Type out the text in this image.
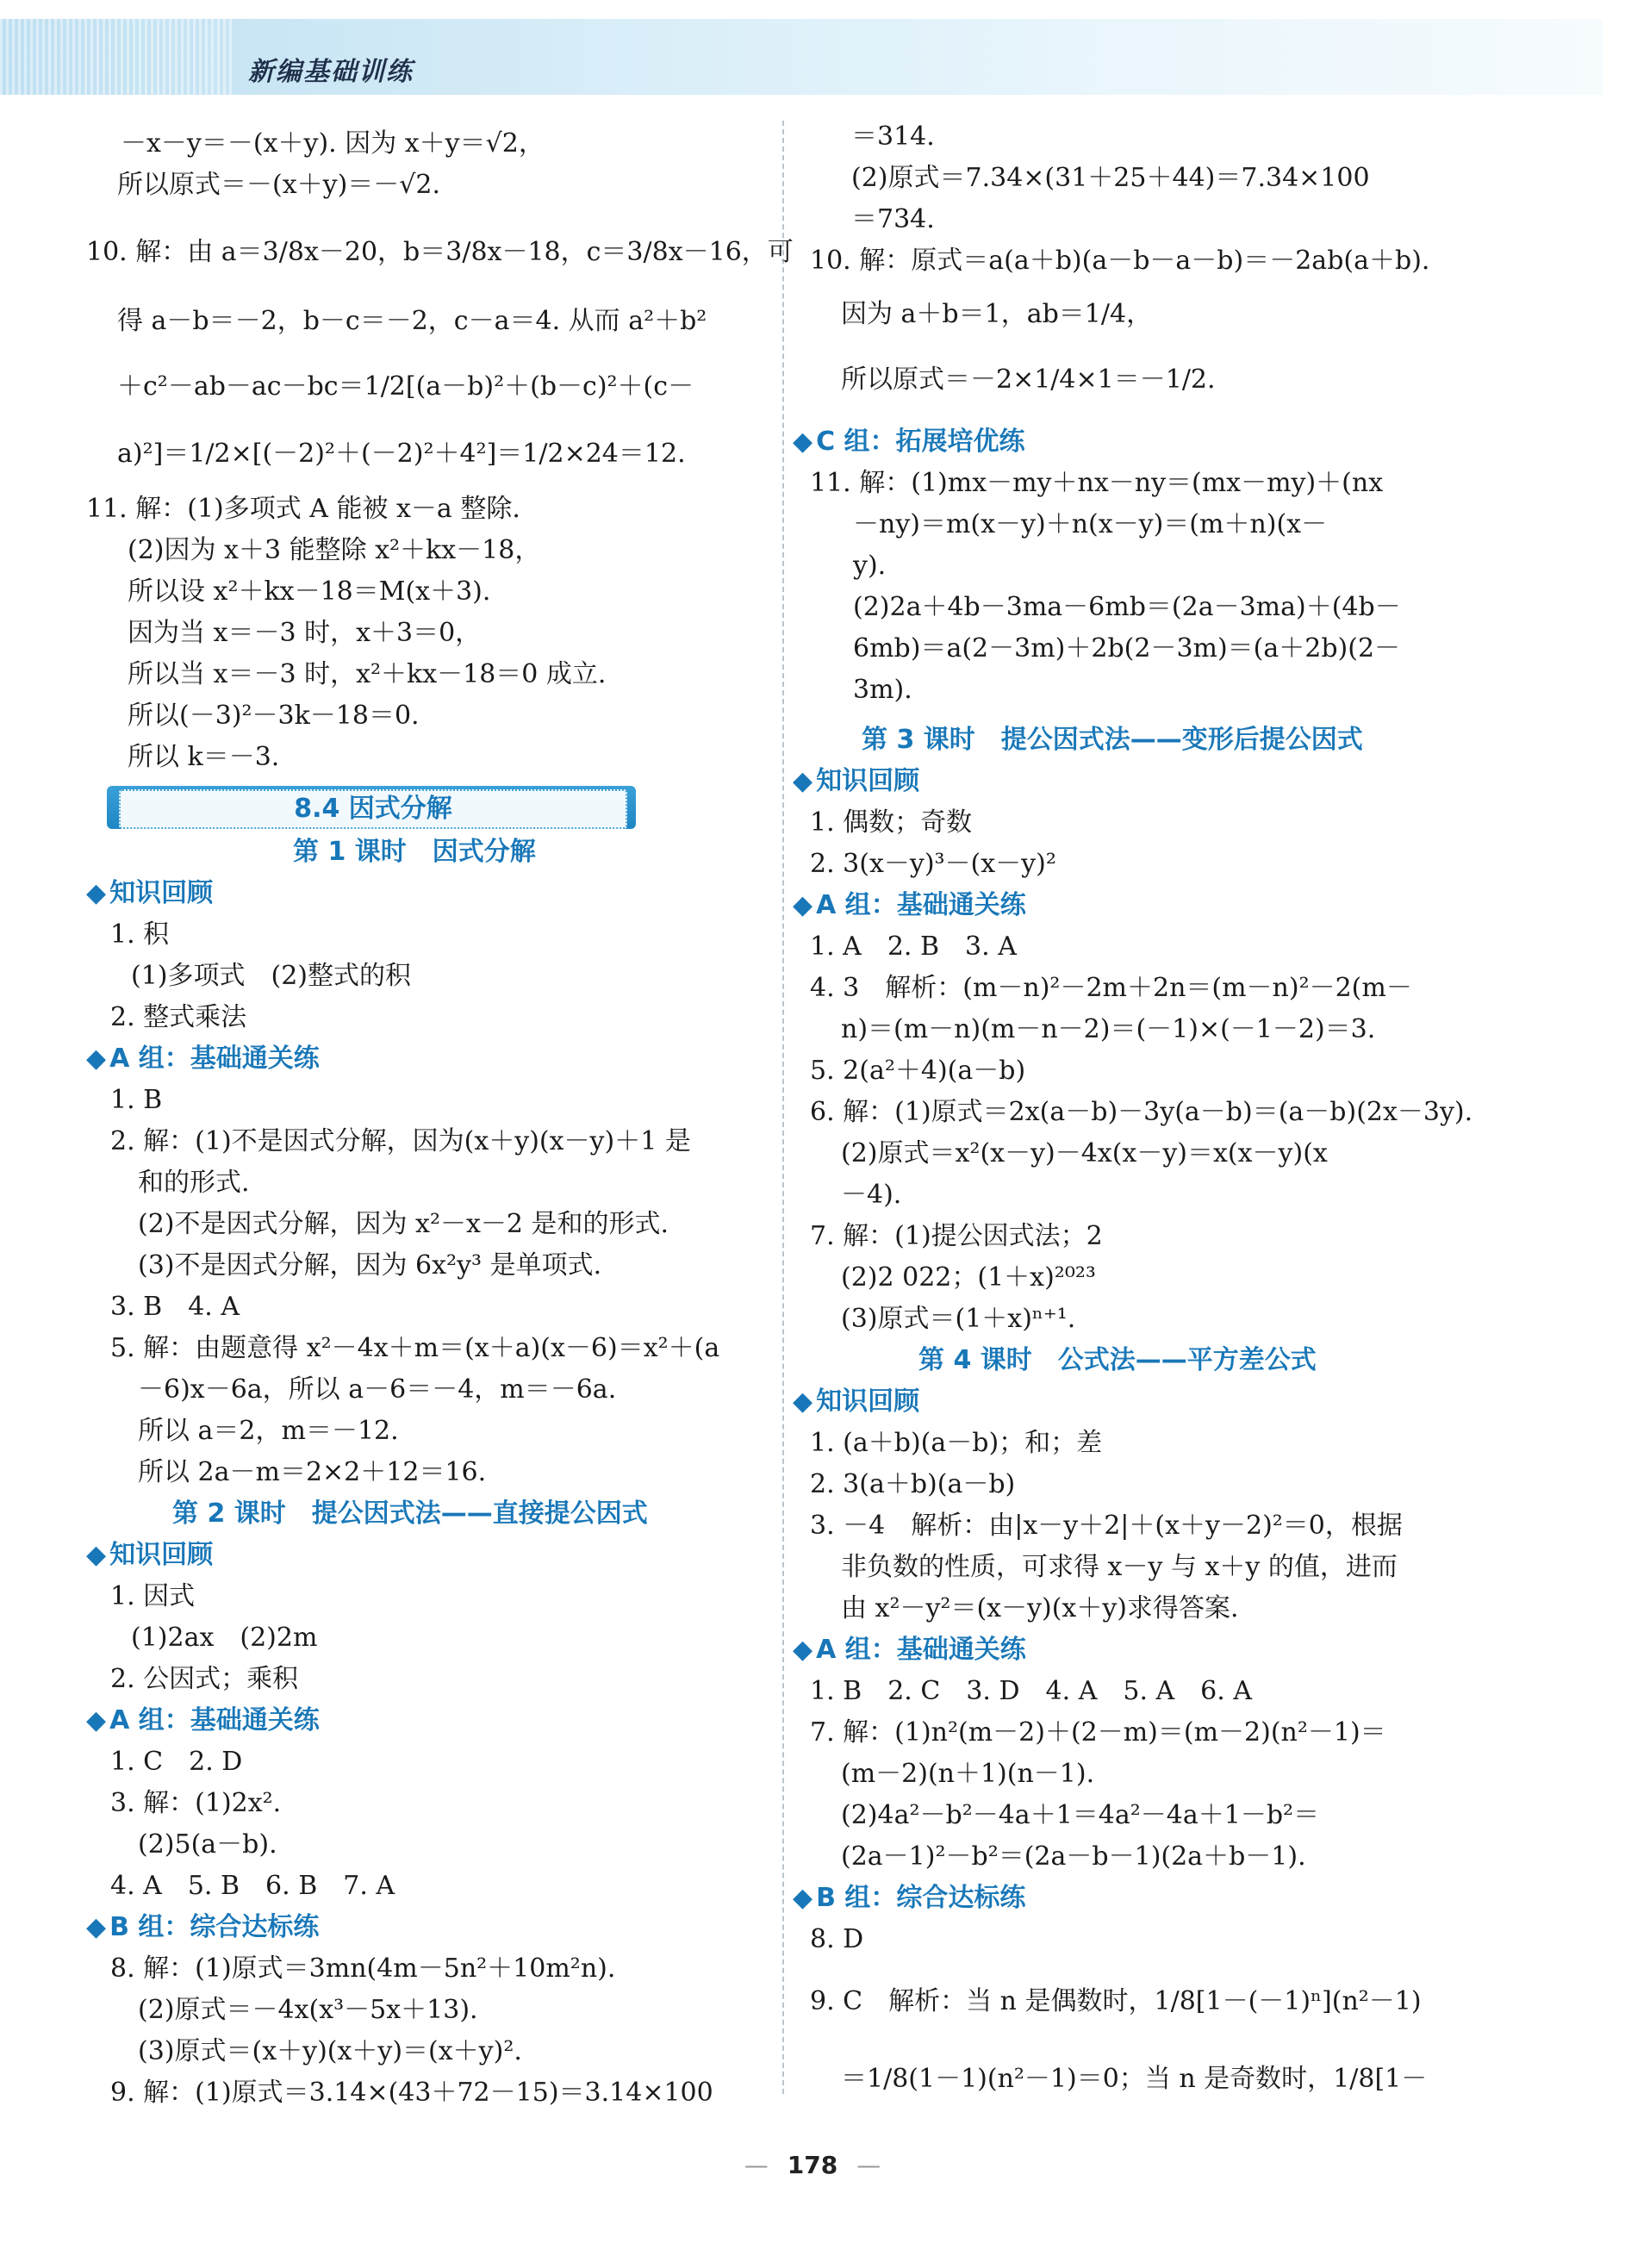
新编基础训练
－x－y＝－(x＋y). 因为 x＋y＝√2，
所以原式＝－(x＋y)＝－√2.
10. 解：由 a＝3/8x－20，b＝3/8x－18，c＝3/8x－16，可
得 a－b＝－2，b－c＝－2，c－a＝4. 从而 a²＋b²
＋c²－ab－ac－bc＝1/2[(a－b)²＋(b－c)²＋(c－
a)²]＝1/2×[(－2)²＋(－2)²＋4²]＝1/2×24＝12.
11. 解：(1)多项式 A 能被 x－a 整除.
(2)因为 x＋3 能整除 x²＋kx－18，
所以设 x²＋kx－18＝M(x＋3).
因为当 x＝－3 时，x＋3＝0，
所以当 x＝－3 时，x²＋kx－18＝0 成立.
所以(－3)²－3k－18＝0.
所以 k＝－3.
8.4 因式分解
第 1 课时　因式分解
◆ 知识回顾
1. 积
(1)多项式　(2)整式的积
2. 整式乘法
◆ A 组：基础通关练
1. B
2. 解：(1)不是因式分解，因为(x＋y)(x－y)＋1 是
和的形式.
(2)不是因式分解，因为 x²－x－2 是和的形式.
(3)不是因式分解，因为 6x²y³ 是单项式.
3. B　4. A
5. 解：由题意得 x²－4x＋m＝(x＋a)(x－6)＝x²＋(a
－6)x－6a，所以 a－6＝－4，m＝－6a.
所以 a＝2，m＝－12.
所以 2a－m＝2×2＋12＝16.
第 2 课时　提公因式法——直接提公因式
◆ 知识回顾
1. 因式
(1)2ax　(2)2m
2. 公因式；乘积
◆ A 组：基础通关练
1. C　2. D
3. 解：(1)2x².
(2)5(a－b).
4. A　5. B　6. B　7. A
◆ B 组：综合达标练
8. 解：(1)原式＝3mn(4m－5n²＋10m²n).
(2)原式＝－4x(x³－5x＋13).
(3)原式＝(x＋y)(x＋y)＝(x＋y)².
9. 解：(1)原式＝3.14×(43＋72－15)＝3.14×100
＝314.
(2)原式＝7.34×(31＋25＋44)＝7.34×100
＝734.
10. 解：原式＝a(a＋b)(a－b－a－b)＝－2ab(a＋b).
因为 a＋b＝1，ab＝1/4，
所以原式＝－2×1/4×1＝－1/2.
◆ C 组：拓展培优练
11. 解：(1)mx－my＋nx－ny＝(mx－my)＋(nx
－ny)＝m(x－y)＋n(x－y)＝(m＋n)(x－
y).
(2)2a＋4b－3ma－6mb＝(2a－3ma)＋(4b－
6mb)＝a(2－3m)＋2b(2－3m)＝(a＋2b)(2－
3m).
第 3 课时　提公因式法——变形后提公因式
◆ 知识回顾
1. 偶数；奇数
2. 3(x－y)³－(x－y)²
◆ A 组：基础通关练
1. A　2. B　3. A
4. 3　解析：(m－n)²－2m＋2n＝(m－n)²－2(m－
n)＝(m－n)(m－n－2)＝(－1)×(－1－2)＝3.
5. 2(a²＋4)(a－b)
6. 解：(1)原式＝2x(a－b)－3y(a－b)＝(a－b)(2x－3y).
(2)原式＝x²(x－y)－4x(x－y)＝x(x－y)(x
－4).
7. 解：(1)提公因式法；2
(2)2 022；(1＋x)²⁰²³
(3)原式＝(1＋x)ⁿ⁺¹.
第 4 课时　公式法——平方差公式
◆ 知识回顾
1. (a＋b)(a－b)；和；差
2. 3(a＋b)(a－b)
3. －4　解析：由|x－y＋2|＋(x＋y－2)²＝0，根据
非负数的性质，可求得 x－y 与 x＋y 的值，进而
由 x²－y²＝(x－y)(x＋y)求得答案.
◆ A 组：基础通关练
1. B　2. C　3. D　4. A　5. A　6. A
7. 解：(1)n²(m－2)＋(2－m)＝(m－2)(n²－1)＝
(m－2)(n＋1)(n－1).
(2)4a²－b²－4a＋1＝4a²－4a＋1－b²＝
(2a－1)²－b²＝(2a－b－1)(2a＋b－1).
◆ B 组：综合达标练
8. D
9. C　解析：当 n 是偶数时，1/8[1－(－1)ⁿ](n²－1)
＝1/8(1－1)(n²－1)＝0；当 n 是奇数时，1/8[1－
— 178 —
